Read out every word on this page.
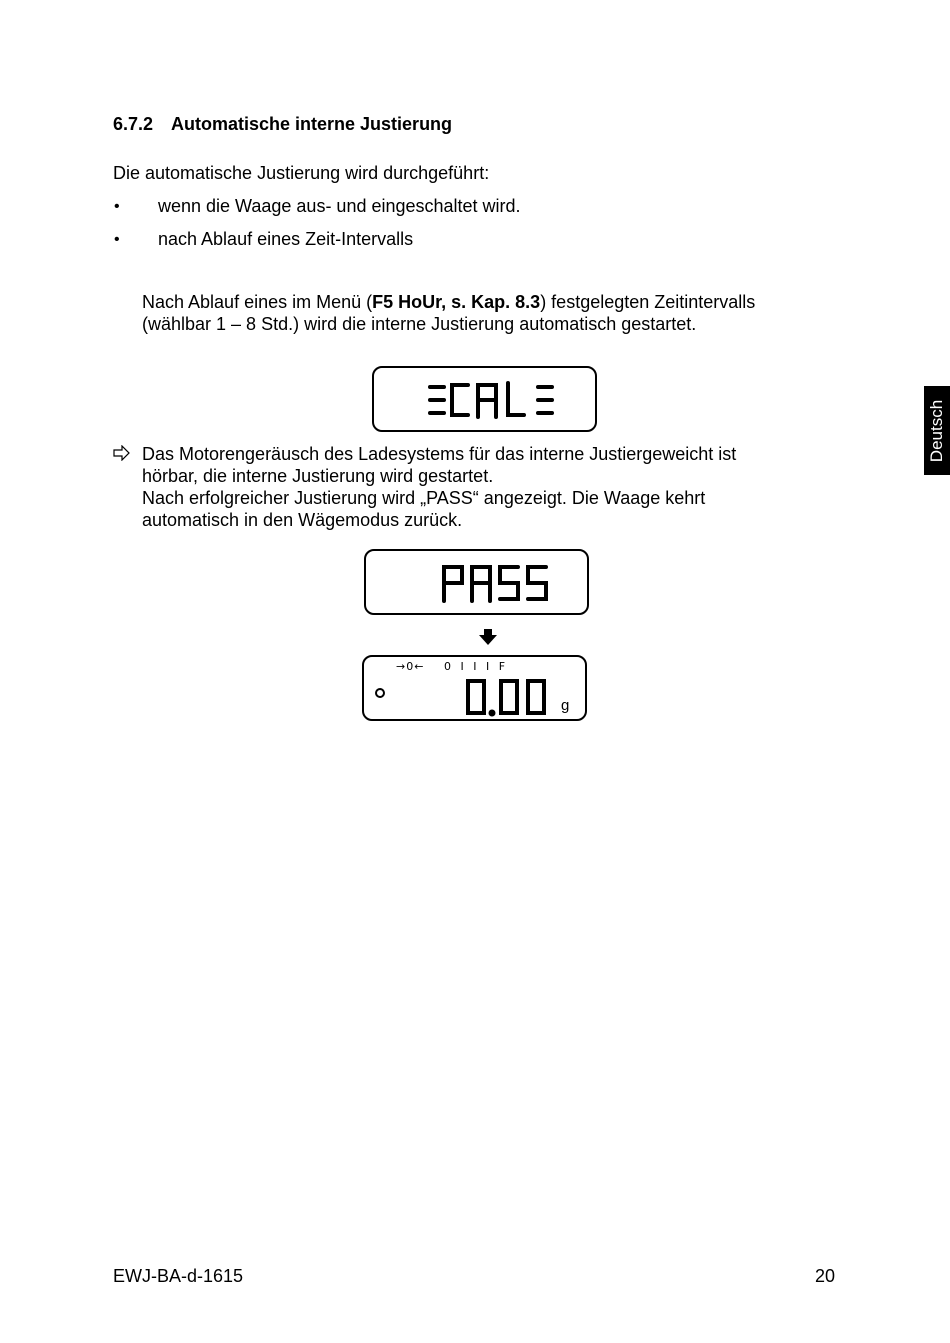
6.7.2 Automatische interne Justierung
Die automatische Justierung wird durchgeführt:
• wenn die Waage aus- und eingeschaltet wird.
• nach Ablauf eines Zeit-Intervalls
Nach Ablauf eines im Menü (F5 HoUr, s. Kap. 8.3) festgelegten Zeitintervalls
(wählbar 1 – 8 Std.) wird die interne Justierung automatisch gestartet.
Das Motorengeräusch des Ladesystems für das interne Justiergeweicht ist
hörbar, die interne Justierung wird gestartet.
Nach erfolgreicher Justierung wird „PASS“ angezeigt. Die Waage kehrt
automatisch in den Wägemodus zurück.
→0← 0 I I I F
g
Deutsch
EWJ-BA-d-1615	20
